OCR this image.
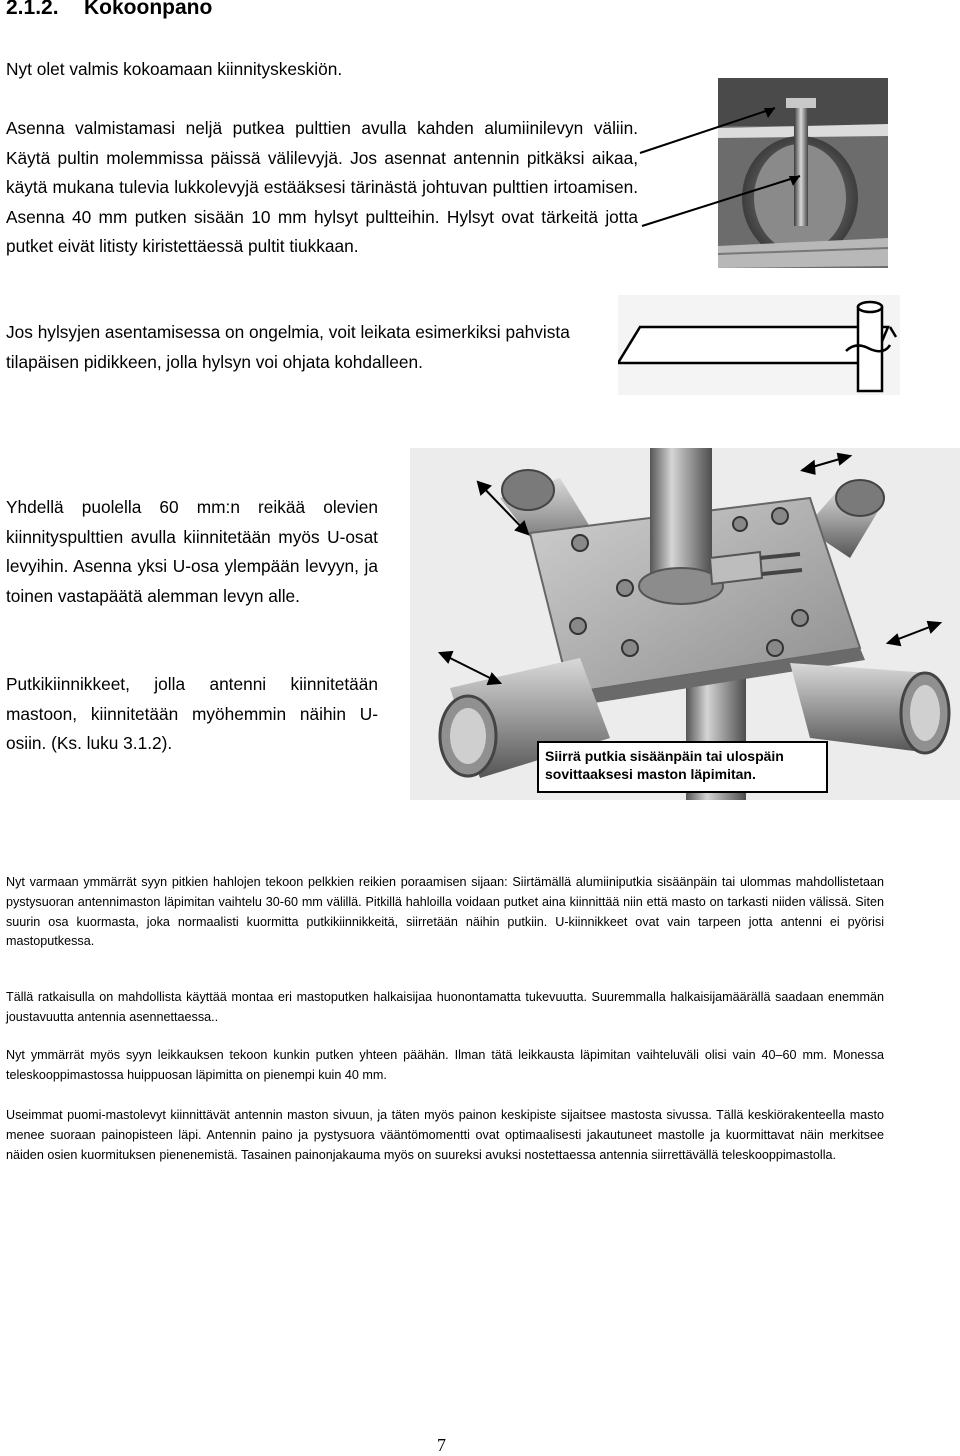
2.1.2. Kokoonpano
Nyt olet valmis kokoamaan kiinnityskeskiön.
Asenna valmistamasi neljä putkea pulttien avulla kahden alumiinilevyn väliin. Käytä pultin molemmissa päissä välilevyjä. Jos asennat antennin pitkäksi aikaa, käytä mukana tulevia lukkolevyjä estääksesi tärinästä johtuvan pulttien irtoamisen. Asenna 40 mm putken sisään 10 mm hylsyt pultteihin. Hylsyt ovat tärkeitä jotta putket eivät litisty kiristettäessä pultit tiukkaan.
Jos hylsyjen asentamisessa on ongelmia, voit leikata esimerkiksi pahvista tilapäisen pidikkeen, jolla hylsyn voi ohjata kohdalleen.
Siirrä putkia sisäänpäin tai ulospäin sovittaaksesi maston läpimitan.
Yhdellä puolella 60 mm:n reikää olevien kiinnityspulttien avulla kiinnitetään myös U-osat levyihin. Asenna yksi U-osa ylempään levyyn, ja toinen vastapäätä alemman levyn alle.
Putkikiinnikkeet, jolla antenni kiinnitetään mastoon, kiinnitetään myöhemmin näihin U-osiin. (Ks. luku 3.1.2).
Nyt varmaan ymmärrät syyn pitkien hahlojen tekoon pelkkien reikien poraamisen sijaan: Siirtämällä alumiiniputkia sisäänpäin tai ulommas mahdollistetaan pystysuoran antennimaston läpimitan vaihtelu 30-60 mm välillä. Pitkillä hahloilla voidaan putket aina kiinnittää niin että masto on tarkasti niiden välissä. Siten suurin osa kuormasta, joka normaalisti kuormitta putkikiinnikkeitä, siirretään näihin putkiin. U-kiinnikkeet ovat vain tarpeen jotta antenni ei pyörisi mastoputkessa.
Tällä ratkaisulla on mahdollista käyttää montaa eri mastoputken halkaisijaa huonontamatta tukevuutta. Suuremmalla halkaisijamäärällä saadaan enemmän joustavuutta antennia asennettaessa..
Nyt ymmärrät myös syyn leikkauksen tekoon kunkin putken yhteen päähän. Ilman tätä leikkausta läpimitan vaihteluväli olisi vain 40–60 mm. Monessa teleskooppimastossa huippuosan läpimitta on pienempi kuin 40 mm.
Useimmat puomi-mastolevyt kiinnittävät antennin maston sivuun, ja täten myös painon keskipiste sijaitsee mastosta sivussa. Tällä keskiörakenteella masto menee suoraan painopisteen läpi. Antennin paino ja pystysuora vääntömomentti ovat optimaalisesti jakautuneet mastolle ja kuormittavat näin merkitsee näiden osien kuormituksen pienenemistä. Tasainen painonjakauma myös on suureksi avuksi nostettaessa antennia siirrettävällä teleskooppimastolla.
7
